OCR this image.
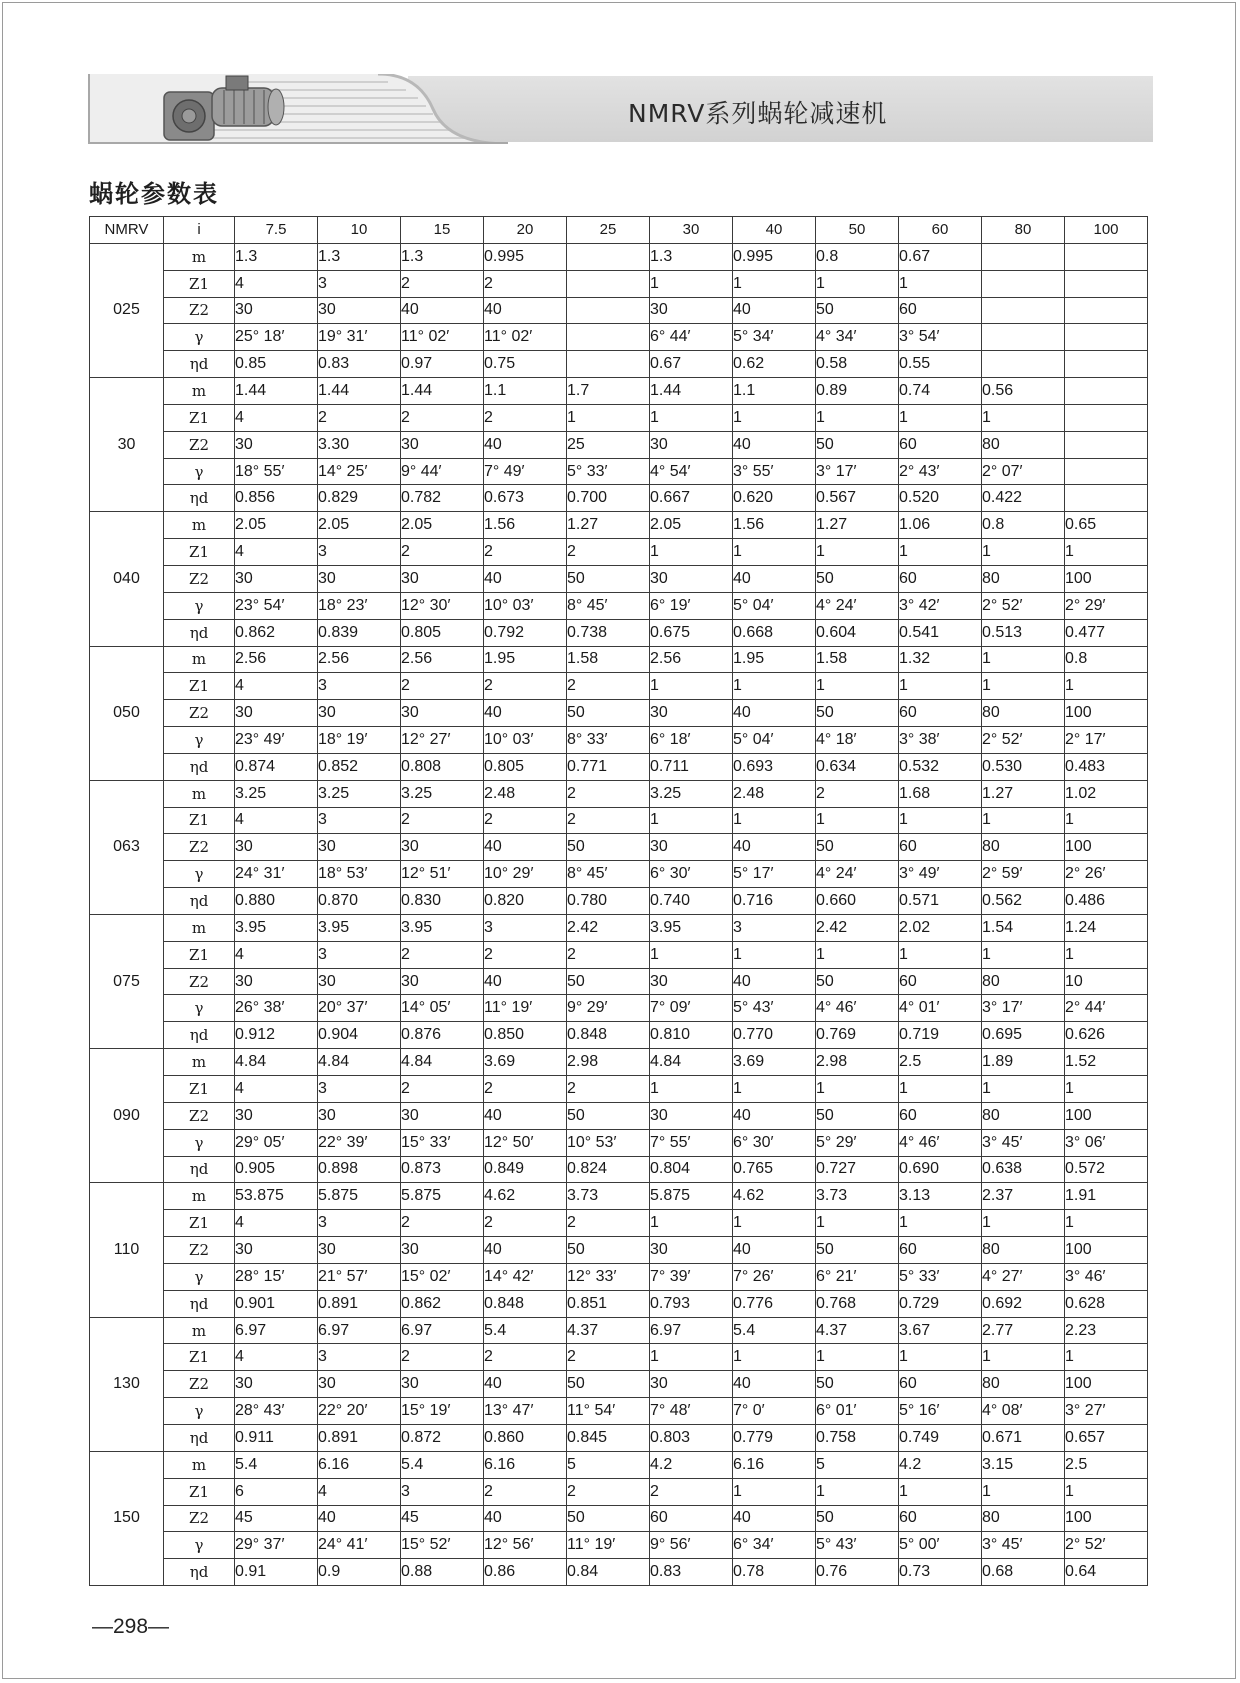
NMRV系列蜗轮减速机
蜗轮参数表
NMRV	i	7.5	10	15	20	25	30	40	50	60	80	100
025	m	1.3	1.3	1.3	0.995		1.3	0.995	0.8	0.67		
	Z1	4	3	2	2		1	1	1	1		
	Z2	30	30	40	40		30	40	50	60		
	γ	25° 18′	19° 31′	11° 02′	11° 02′		6° 44′	5° 34′	4° 34′	3° 54′		
	ηd	0.85	0.83	0.97	0.75		0.67	0.62	0.58	0.55		
30	m	1.44	1.44	1.44	1.1	1.7	1.44	1.1	0.89	0.74	0.56	
	Z1	4	2	2	2	1	1	1	1	1	1	
	Z2	30	3.30	30	40	25	30	40	50	60	80	
	γ	18° 55′	14° 25′	9° 44′	7° 49′	5° 33′	4° 54′	3° 55′	3° 17′	2° 43′	2° 07′	
	ηd	0.856	0.829	0.782	0.673	0.700	0.667	0.620	0.567	0.520	0.422	
040	m	2.05	2.05	2.05	1.56	1.27	2.05	1.56	1.27	1.06	0.8	0.65
	Z1	4	3	2	2	2	1	1	1	1	1	1
	Z2	30	30	30	40	50	30	40	50	60	80	100
	γ	23° 54′	18° 23′	12° 30′	10° 03′	8° 45′	6° 19′	5° 04′	4° 24′	3° 42′	2° 52′	2° 29′
	ηd	0.862	0.839	0.805	0.792	0.738	0.675	0.668	0.604	0.541	0.513	0.477
050	m	2.56	2.56	2.56	1.95	1.58	2.56	1.95	1.58	1.32	1	0.8
	Z1	4	3	2	2	2	1	1	1	1	1	1
	Z2	30	30	30	40	50	30	40	50	60	80	100
	γ	23° 49′	18° 19′	12° 27′	10° 03′	8° 33′	6° 18′	5° 04′	4° 18′	3° 38′	2° 52′	2° 17′
	ηd	0.874	0.852	0.808	0.805	0.771	0.711	0.693	0.634	0.532	0.530	0.483
063	m	3.25	3.25	3.25	2.48	2	3.25	2.48	2	1.68	1.27	1.02
	Z1	4	3	2	2	2	1	1	1	1	1	1
	Z2	30	30	30	40	50	30	40	50	60	80	100
	γ	24° 31′	18° 53′	12° 51′	10° 29′	8° 45′	6° 30′	5° 17′	4° 24′	3° 49′	2° 59′	2° 26′
	ηd	0.880	0.870	0.830	0.820	0.780	0.740	0.716	0.660	0.571	0.562	0.486
075	m	3.95	3.95	3.95	3	2.42	3.95	3	2.42	2.02	1.54	1.24
	Z1	4	3	2	2	2	1	1	1	1	1	1
	Z2	30	30	30	40	50	30	40	50	60	80	10
	γ	26° 38′	20° 37′	14° 05′	11° 19′	9° 29′	7° 09′	5° 43′	4° 46′	4° 01′	3° 17′	2° 44′
	ηd	0.912	0.904	0.876	0.850	0.848	0.810	0.770	0.769	0.719	0.695	0.626
090	m	4.84	4.84	4.84	3.69	2.98	4.84	3.69	2.98	2.5	1.89	1.52
	Z1	4	3	2	2	2	1	1	1	1	1	1
	Z2	30	30	30	40	50	30	40	50	60	80	100
	γ	29° 05′	22° 39′	15° 33′	12° 50′	10° 53′	7° 55′	6° 30′	5° 29′	4° 46′	3° 45′	3° 06′
	ηd	0.905	0.898	0.873	0.849	0.824	0.804	0.765	0.727	0.690	0.638	0.572
110	m	53.875	5.875	5.875	4.62	3.73	5.875	4.62	3.73	3.13	2.37	1.91
	Z1	4	3	2	2	2	1	1	1	1	1	1
	Z2	30	30	30	40	50	30	40	50	60	80	100
	γ	28° 15′	21° 57′	15° 02′	14° 42′	12° 33′	7° 39′	7° 26′	6° 21′	5° 33′	4° 27′	3° 46′
	ηd	0.901	0.891	0.862	0.848	0.851	0.793	0.776	0.768	0.729	0.692	0.628
130	m	6.97	6.97	6.97	5.4	4.37	6.97	5.4	4.37	3.67	2.77	2.23
	Z1	4	3	2	2	2	1	1	1	1	1	1
	Z2	30	30	30	40	50	30	40	50	60	80	100
	γ	28° 43′	22° 20′	15° 19′	13° 47′	11° 54′	7° 48′	7° 0′	6° 01′	5° 16′	4° 08′	3° 27′
	ηd	0.911	0.891	0.872	0.860	0.845	0.803	0.779	0.758	0.749	0.671	0.657
150	m	5.4	6.16	5.4	6.16	5	4.2	6.16	5	4.2	3.15	2.5
	Z1	6	4	3	2	2	2	1	1	1	1	1
	Z2	45	40	45	40	50	60	40	50	60	80	100
	γ	29° 37′	24° 41′	15° 52′	12° 56′	11° 19′	9° 56′	6° 34′	5° 43′	5° 00′	3° 45′	2° 52′
	ηd	0.91	0.9	0.88	0.86	0.84	0.83	0.78	0.76	0.73	0.68	0.64
—298—
